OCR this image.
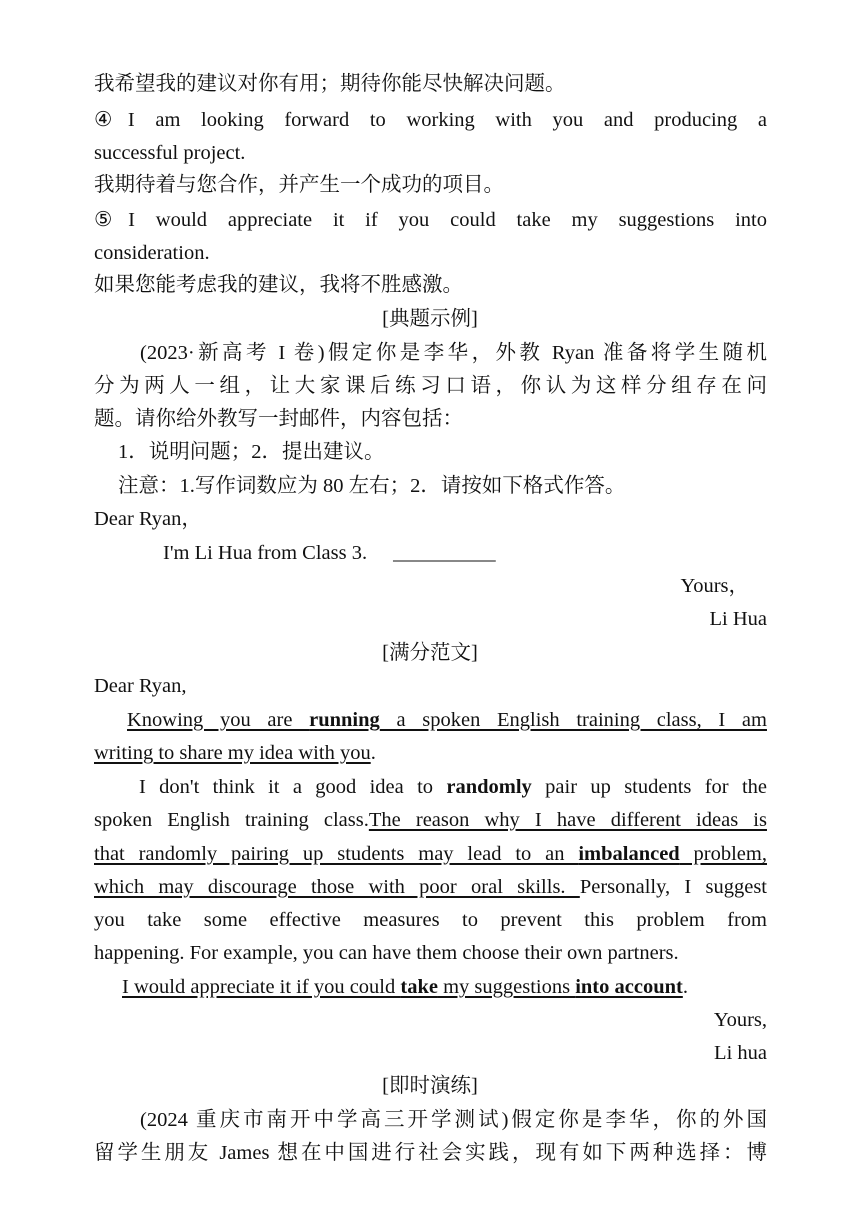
我希望我的建议对你有用；期待你能尽快解决问题。
④I am looking forward to working with you and producing a
successful project.
我期待着与您合作，并产生一个成功的项目。
⑤I would appreciate it if you could take my suggestions into
consideration.
如果您能考虑我的建议，我将不胜感激。
[典题示例]
(2023·新高考 I 卷)假定你是李华，外教 Ryan 准备将学生随机
分为两人一组，让大家课后练习口语，你认为这样分组存在问
题。请你给外教写一封邮件，内容包括：
1．说明问题；2．提出建议。
注意：1.写作词数应为 80 左右；2．请按如下格式作答。
Dear Ryan，
I'm Li Hua from Class 3. __________
Yours，
Li Hua
[满分范文]
Dear Ryan,
Knowing you are running a spoken English training class, I am
writing to share my idea with you.
I don't think it a good idea to randomly pair up students for the
spoken English training class.The reason why I have different ideas is
that randomly pairing up students may lead to an imbalanced problem,
which may discourage those with poor oral skills. Personally, I suggest
you take some effective measures to prevent this problem from
happening. For example, you can have them choose their own partners.
I would appreciate it if you could take my suggestions into account.
Yours,
Li hua
[即时演练]
(2024 重庆市南开中学高三开学测试)假定你是李华，你的外国
留学生朋友 James 想在中国进行社会实践，现有如下两种选择：博
